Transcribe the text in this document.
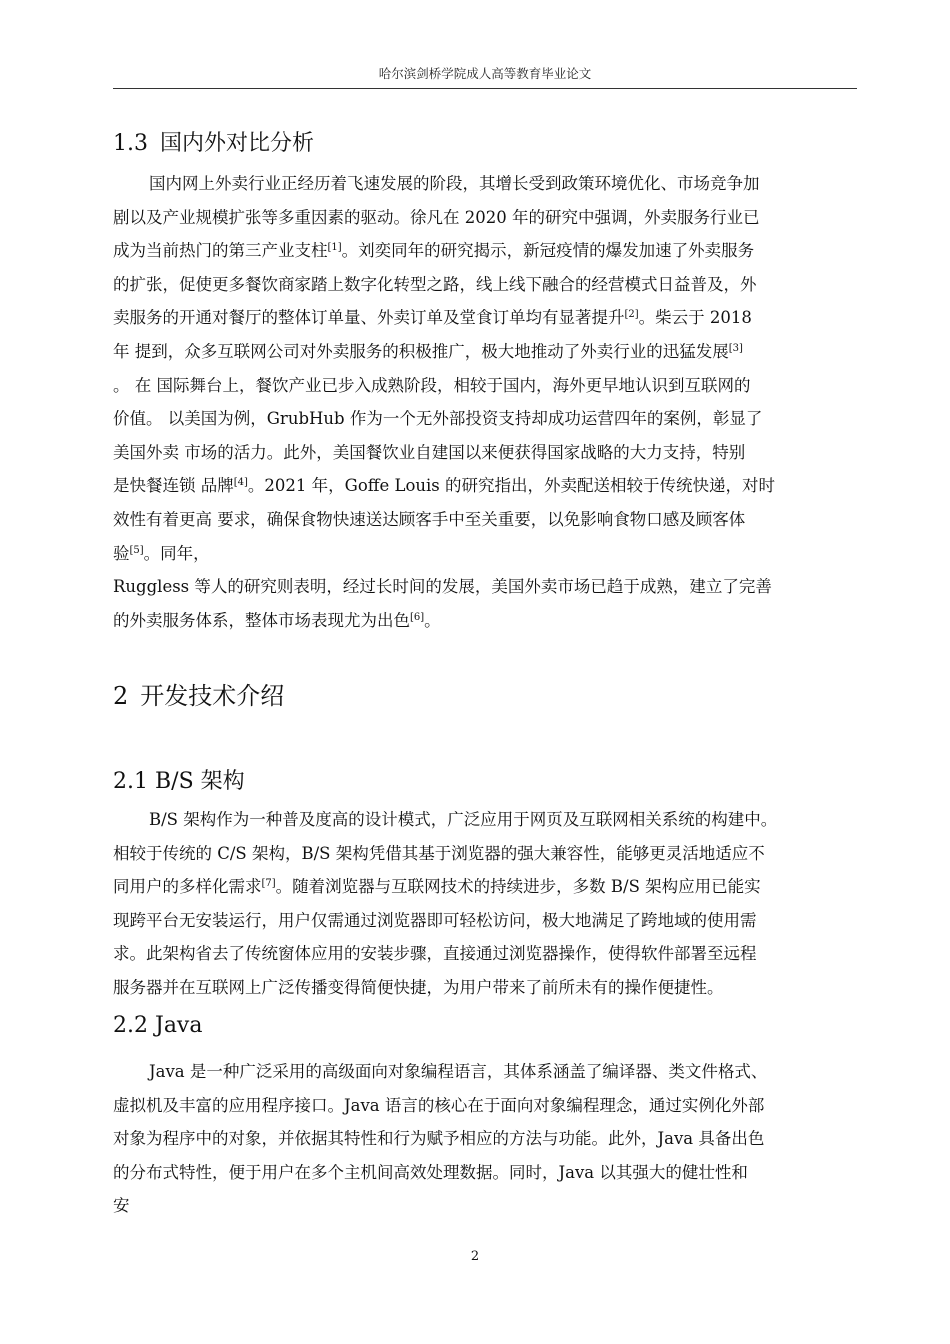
哈尔滨剑桥学院成人高等教育毕业论文
1.3 国内外对比分析
国内网上外卖行业正经历着飞速发展的阶段，其增长受到政策环境优化、市场竞争加
剧以及产业规模扩张等多重因素的驱动。徐凡在 2020 年的研究中强调，外卖服务行业已
成为当前热门的第三产业支柱[1]。刘奕同年的研究揭示，新冠疫情的爆发加速了外卖服务
的扩张，促使更多餐饮商家踏上数字化转型之路，线上线下融合的经营模式日益普及，外
卖服务的开通对餐厅的整体订单量、外卖订单及堂食订单均有显著提升[2]。柴云于 2018
年 提到，众多互联网公司对外卖服务的积极推广，极大地推动了外卖行业的迅猛发展[3]
。 在 国际舞台上，餐饮产业已步入成熟阶段，相较于国内，海外更早地认识到互联网的
价值。 以美国为例，GrubHub 作为一个无外部投资支持却成功运营四年的案例，彰显了
美国外卖 市场的活力。此外，美国餐饮业自建国以来便获得国家战略的大力支持，特别
是快餐连锁 品牌[4]。2021 年，Goffe Louis 的研究指出，外卖配送相较于传统快递，对时
效性有着更高 要求，确保食物快速送达顾客手中至关重要，以免影响食物口感及顾客体
验[5]。同年，
Ruggless 等人的研究则表明，经过长时间的发展，美国外卖市场已趋于成熟，建立了完善
的外卖服务体系，整体市场表现尤为出色[6]。
2 开发技术介绍
2.1 B/S 架构
B/S 架构作为一种普及度高的设计模式，广泛应用于网页及互联网相关系统的构建中。
相较于传统的 C/S 架构，B/S 架构凭借其基于浏览器的强大兼容性，能够更灵活地适应不
同用户的多样化需求[7]。随着浏览器与互联网技术的持续进步，多数 B/S 架构应用已能实
现跨平台无安装运行，用户仅需通过浏览器即可轻松访问，极大地满足了跨地域的使用需
求。此架构省去了传统窗体应用的安装步骤，直接通过浏览器操作，使得软件部署至远程
服务器并在互联网上广泛传播变得简便快捷，为用户带来了前所未有的操作便捷性。
2.2 Java
Java 是一种广泛采用的高级面向对象编程语言，其体系涵盖了编译器、类文件格式、
虚拟机及丰富的应用程序接口。Java 语言的核心在于面向对象编程理念，通过实例化外部
对象为程序中的对象，并依据其特性和行为赋予相应的方法与功能。此外，Java 具备出色
的分布式特性，便于用户在多个主机间高效处理数据。同时，Java 以其强大的健壮性和
安
2
